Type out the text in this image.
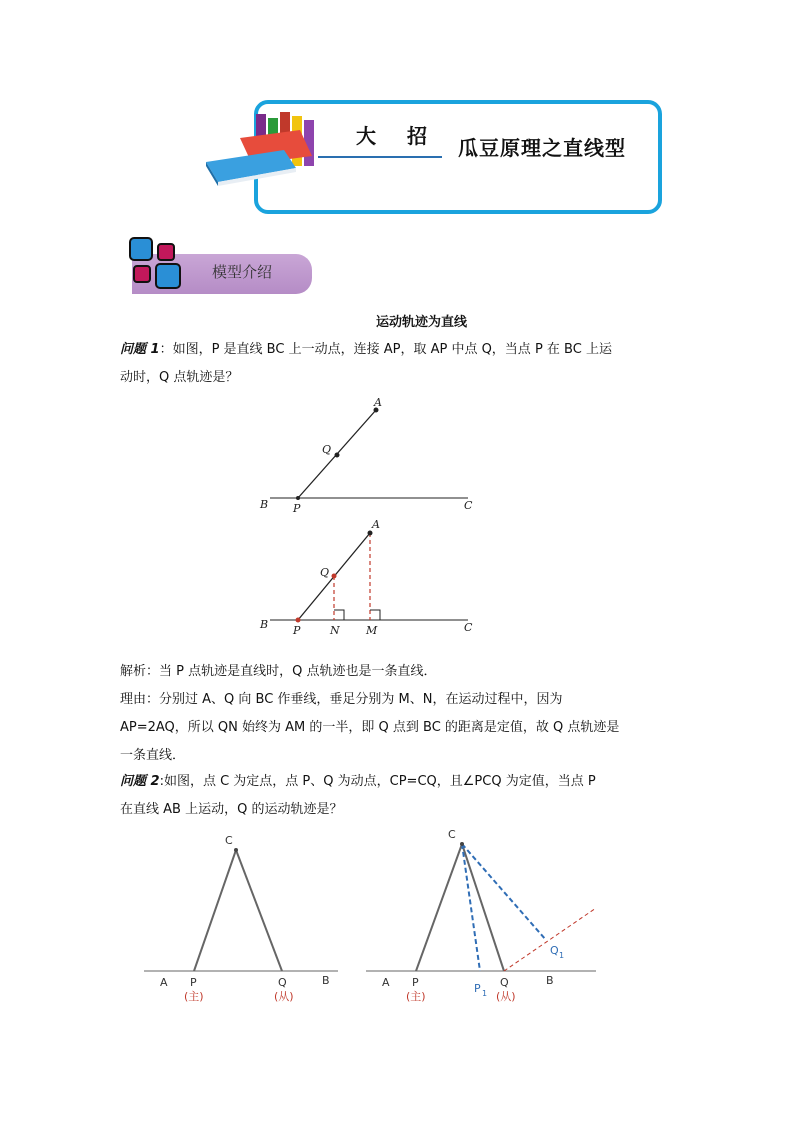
大 招 瓜豆原理之直线型
模型介绍
运动轨迹为直线
问题 1：如图，P 是直线 BC 上一动点，连接 AP，取 AP 中点 Q，当点 P 在 BC 上运
动时，Q 点轨迹是？
A
Q
B P	C
A
Q
B P	N M	C
解析：当 P 点轨迹是直线时，Q 点轨迹也是一条直线．
理由：分别过 A、Q 向 BC 作垂线，垂足分别为 M、N，在运动过程中，因为
AP=2AQ，所以 QN 始终为 AM 的一半，即 Q 点到 BC 的距离是定值，故 Q 点轨迹是
一条直线．
问题 2:如图，点 C 为定点，点 P、Q 为动点，CP=CQ，且∠PCQ 为定值，当点 P
在直线 AB 上运动，Q 的运动轨迹是？
C
A P	Q	B
(主)	(从)
C
A P	P 1
Q
Q 1
B
(主)	(从)
